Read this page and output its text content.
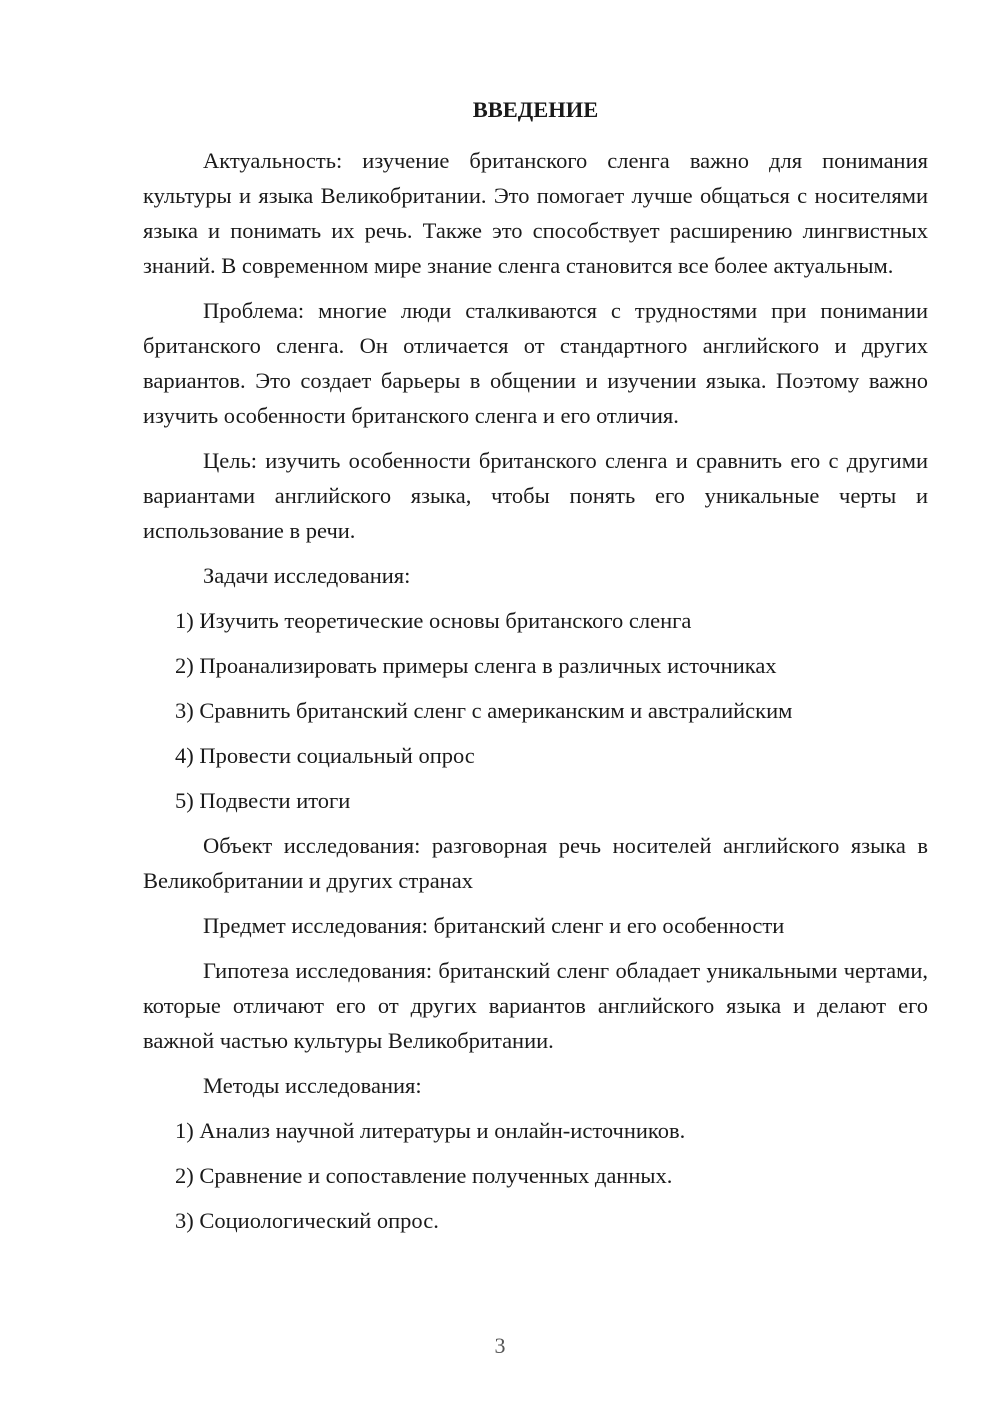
ВВЕДЕНИЕ

Актуальность: изучение британского сленга важно для понимания культуры и языка Великобритании. Это помогает лучше общаться с носителями языка и понимать их речь. Также это способствует расширению лингвистных знаний. В современном мире знание сленга становится все более актуальным.

Проблема: многие люди сталкиваются с трудностями при понимании британского сленга. Он отличается от стандартного английского и других вариантов. Это создает барьеры в общении и изучении языка. Поэтому важно изучить особенности британского сленга и его отличия.

Цель: изучить особенности британского сленга и сравнить его с другими вариантами английского языка, чтобы понять его уникальные черты и использование в речи.

Задачи исследования:

1) Изучить теоретические основы британского сленга
2) Проанализировать примеры сленга в различных источниках
3) Сравнить британский сленг с американским и австралийским
4) Провести социальный опрос
5) Подвести итоги

Объект исследования: разговорная речь носителей английского языка в Великобритании и других странах

Предмет исследования: британский сленг и его особенности

Гипотеза исследования: британский сленг обладает уникальными чертами, которые отличают его от других вариантов английского языка и делают его важной частью культуры Великобритании.

Методы исследования:

1) Анализ научной литературы и онлайн-источников.
2) Сравнение и сопоставление полученных данных.
3) Социологический опрос.
3
